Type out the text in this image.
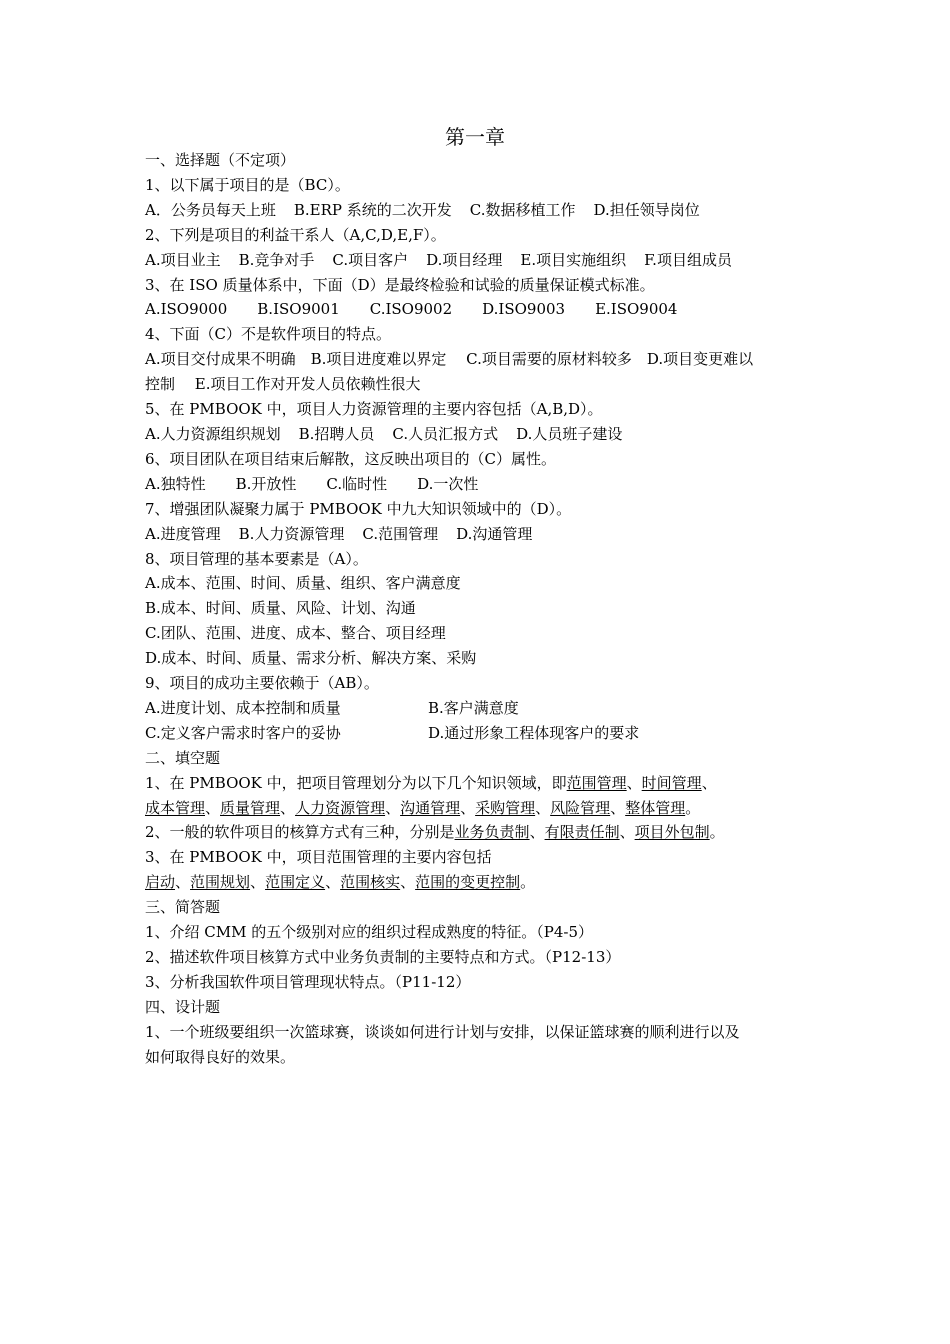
第一章

一、选择题（不定项）

1、以下属于项目的是（BC）。

A．公务员每天上班 B.ERP 系统的二次开发 C.数据移植工作 D.担任领导岗位

2、下列是项目的利益干系人（A,C,D,E,F）。

A.项目业主 B.竞争对手 C.项目客户 D.项目经理 E.项目实施组织 F.项目组成员

3、在 ISO 质量体系中，下面（D）是最终检验和试验的质量保证模式标准。

A.ISO9000 B.ISO9001 C.ISO9002 D.ISO9003 E.ISO9004

4、下面（C）不是软件项目的特点。

A.项目交付成果不明确　B.项目进度难以界定　 C.项目需要的原材料较多　D.项目变更难以

控制　 E.项目工作对开发人员依赖性很大

5、在 PMBOOK 中，项目人力资源管理的主要内容包括（A,B,D）。

A.人力资源组织规划 B.招聘人员 C.人员汇报方式 D.人员班子建设

6、项目团队在项目结束后解散，这反映出项目的（C）属性。

A.独特性 B.开放性 C.临时性 D.一次性

7、增强团队凝聚力属于 PMBOOK 中九大知识领域中的（D）。

A.进度管理 B.人力资源管理 C.范围管理 D.沟通管理

8、项目管理的基本要素是（A）。

A.成本、范围、时间、质量、组织、客户满意度

B.成本、时间、质量、风险、计划、沟通

C.团队、范围、进度、成本、整合、项目经理

D.成本、时间、质量、需求分析、解决方案、采购

9、项目的成功主要依赖于（AB）。

A.进度计划、成本控制和质量	B.客户满意度

C.定义客户需求时客户的妥协	D.通过形象工程体现客户的要求

二、填空题

1、在 PMBOOK 中，把项目管理划分为以下几个知识领域，即范围管理、时间管理、

成本管理、质量管理、人力资源管理、沟通管理、采购管理、风险管理、整体管理。

2、一般的软件项目的核算方式有三种，分别是业务负责制、有限责任制、项目外包制。

3、在 PMBOOK 中，项目范围管理的主要内容包括

启动、范围规划、范围定义、范围核实、范围的变更控制。

三、简答题

1、介绍 CMM 的五个级别对应的组织过程成熟度的特征。（P4-5）

2、描述软件项目核算方式中业务负责制的主要特点和方式。（P12-13）

3、分析我国软件项目管理现状特点。（P11-12）

四、设计题

1、一个班级要组织一次篮球赛，谈谈如何进行计划与安排，以保证篮球赛的顺利进行以及

如何取得良好的效果。
